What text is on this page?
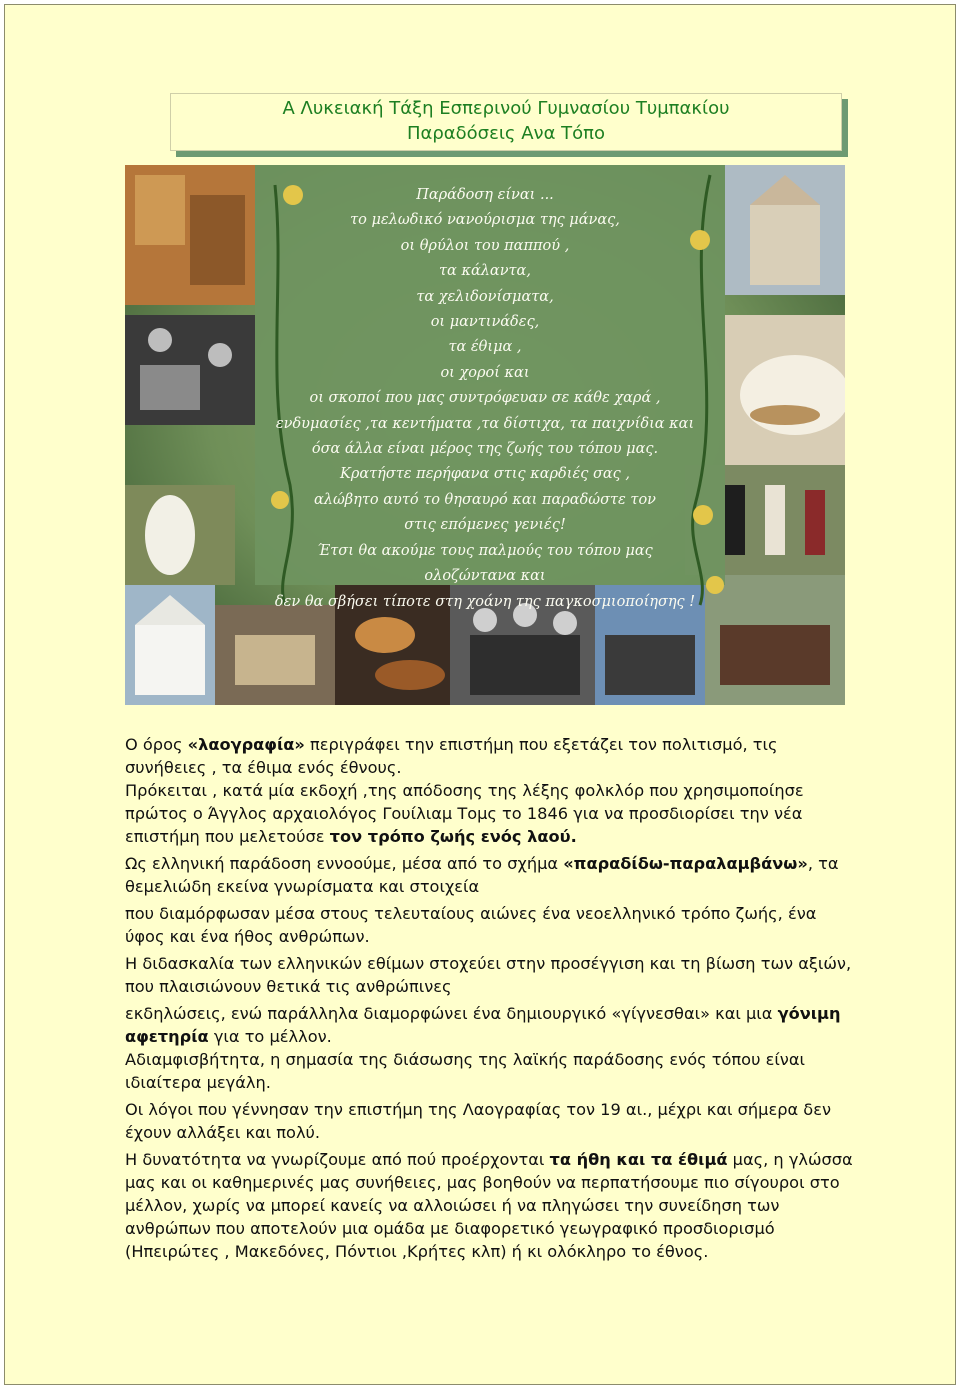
Α Λυκειακή Τάξη Εσπερινού Γυμνασίου Τυμπακίου
Παραδόσεις Ανα Τόπο
Παράδοση είναι ...
το μελωδικό νανούρισμα της μάνας,
οι θρύλοι του παππού ,
τα κάλαντα,
τα χελιδονίσματα,
οι μαντινάδες,
τα έθιμα ,
οι χοροί και
οι σκοποί που μας συντρόφευαν σε κάθε χαρά ,
ενδυμασίες ,τα κεντήματα ,τα δίστιχα, τα παιχνίδια και
όσα άλλα είναι μέρος της ζωής του τόπου μας.
Κρατήστε περήφανα στις καρδιές σας ,
αλώβητο αυτό το θησαυρό και παραδώστε τον
στις επόμενες γενιές!
Έτσι θα ακούμε τους παλμούς του τόπου μας
ολοζώντανα και
δεν θα σβήσει τίποτε στη χοάνη της παγκοσμιοποίησης !

Ο όρος «λαογραφία» περιγράφει την επιστήμη που εξετάζει τον πολιτισμό, τις συνήθειες , τα έθιμα ενός έθνους.

Πρόκειται , κατά μία εκδοχή ,της απόδοσης της λέξης φολκλόρ που χρησιμοποίησε πρώτος ο Άγγλος αρχαιολόγος Γουίλιαμ Τομς το 1846 για να προσδιορίσει την νέα επιστήμη που μελετούσε τον τρόπο ζωής ενός λαού.

Ως ελληνική παράδοση εννοούμε, μέσα από το σχήμα «παραδίδω-παραλαμβάνω», τα θεμελιώδη εκείνα γνωρίσματα και στοιχεία

που διαμόρφωσαν μέσα στους τελευταίους αιώνες ένα νεοελληνικό τρόπο ζωής, ένα ύφος και ένα ήθος ανθρώπων.

Η διδασκαλία των ελληνικών εθίμων στοχεύει στην προσέγγιση και τη βίωση των αξιών, που πλαισιώνουν θετικά τις ανθρώπινες

εκδηλώσεις, ενώ παράλληλα διαμορφώνει ένα δημιουργικό «γίγνεσθαι» και μια γόνιμη αφετηρία για το μέλλον.

Αδιαμφισβήτητα, η σημασία της διάσωσης της λαϊκής παράδοσης ενός τόπου είναι ιδιαίτερα μεγάλη.

Οι λόγοι που γέννησαν την επιστήμη της Λαογραφίας τον 19 αι., μέχρι και σήμερα δεν έχουν αλλάξει και πολύ.

Η δυνατότητα να γνωρίζουμε από πού προέρχονται τα ήθη και τα έθιμά μας, η γλώσσα μας και οι καθημερινές μας συνήθειες, μας βοηθούν να περπατήσουμε πιο σίγουροι στο μέλλον, χωρίς να μπορεί κανείς να αλλοιώσει ή να πληγώσει την συνείδηση των ανθρώπων που αποτελούν μια ομάδα με διαφορετικό γεωγραφικό προσδιορισμό (Ηπειρώτες , Μακεδόνες, Πόντιοι ,Κρήτες κλπ) ή κι ολόκληρο το έθνος.
